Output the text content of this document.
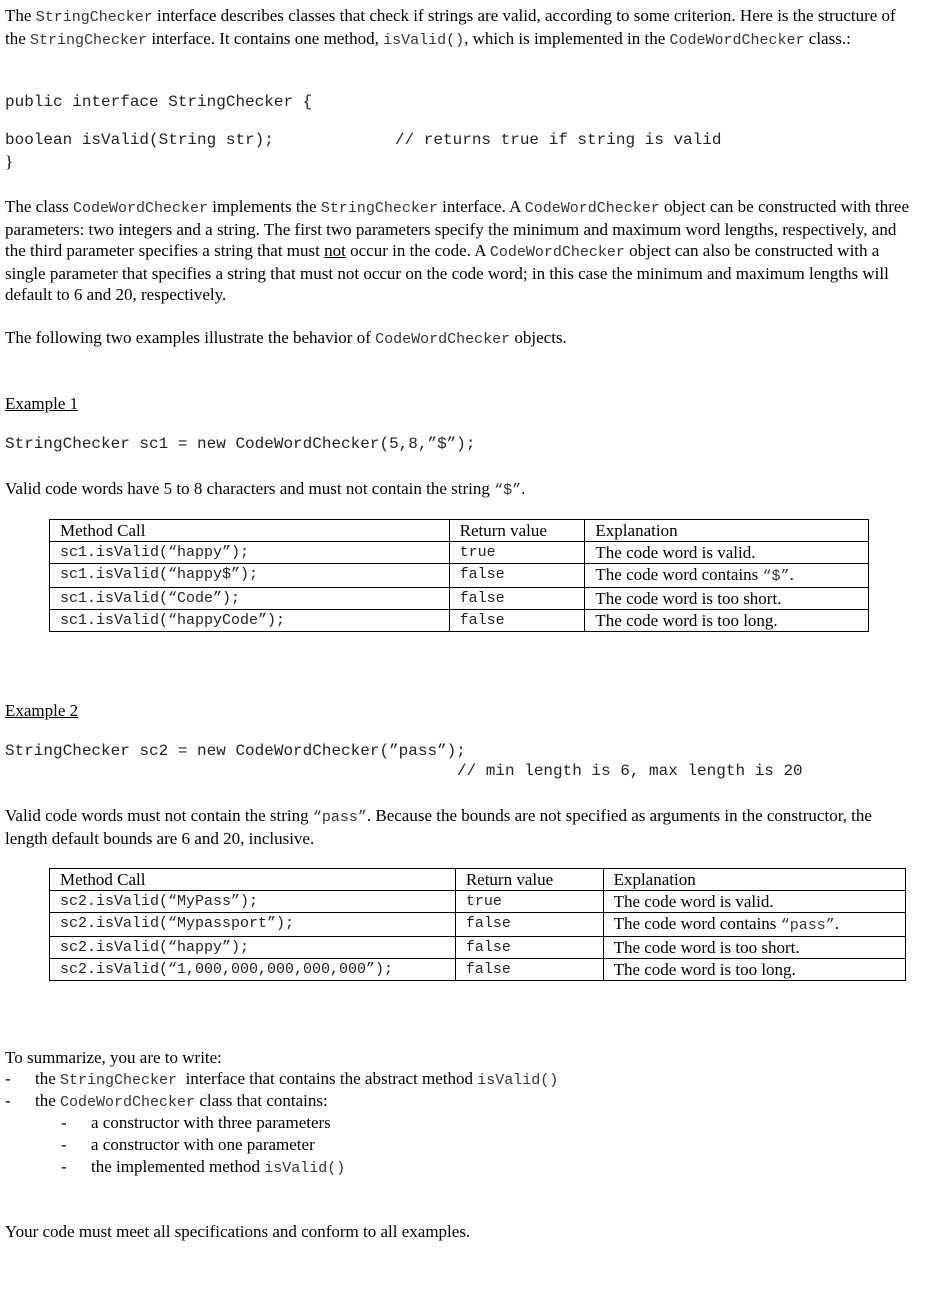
The StringChecker interface describes classes that check if strings are valid, according to some criterion. Here is the structure of the StringChecker interface. It contains one method, isValid(), which is implemented in the CodeWordChecker class.:
public interface StringChecker {
boolean isValid(String str);	// returns true if string is valid
}
The class CodeWordChecker implements the StringChecker interface. A CodeWordChecker object can be constructed with three parameters: two integers and a string. The first two parameters specify the minimum and maximum word lengths, respectively, and the third parameter specifies a string that must not occur in the code. A CodeWordChecker object can also be constructed with a single parameter that specifies a string that must not occur on the code word; in this case the minimum and maximum lengths will default to 6 and 20, respectively.
The following two examples illustrate the behavior of CodeWordChecker objects.
Example 1
StringChecker sc1 = new CodeWordChecker(5,8,”$”);
Valid code words have 5 to 8 characters and must not contain the string “$”.
Method Call	Return value	Explanation
sc1.isValid(“happy”);	true	The code word is valid.
sc1.isValid(“happy$”);	false	The code word contains “$”.
sc1.isValid(“Code”);	false	The code word is too short.
sc1.isValid(“happyCode”);	false	The code word is too long.
Example 2
StringChecker sc2 = new CodeWordChecker(”pass”);
// min length is 6, max length is 20
Valid code words must not contain the string “pass”. Because the bounds are not specified as arguments in the constructor, the length default bounds are 6 and 20, inclusive.
Method Call	Return value	Explanation
sc2.isValid(“MyPass”);	true	The code word is valid.
sc2.isValid(“Mypassport”);	false	The code word contains “pass”.
sc2.isValid(“happy”);	false	The code word is too short.
sc2.isValid(“1,000,000,000,000,000”);	false	The code word is too long.
To summarize, you are to write:
- the StringChecker  interface that contains the abstract method isValid()
- the CodeWordChecker class that contains:
- a constructor with three parameters
- a constructor with one parameter
- the implemented method isValid()
Your code must meet all specifications and conform to all examples.
